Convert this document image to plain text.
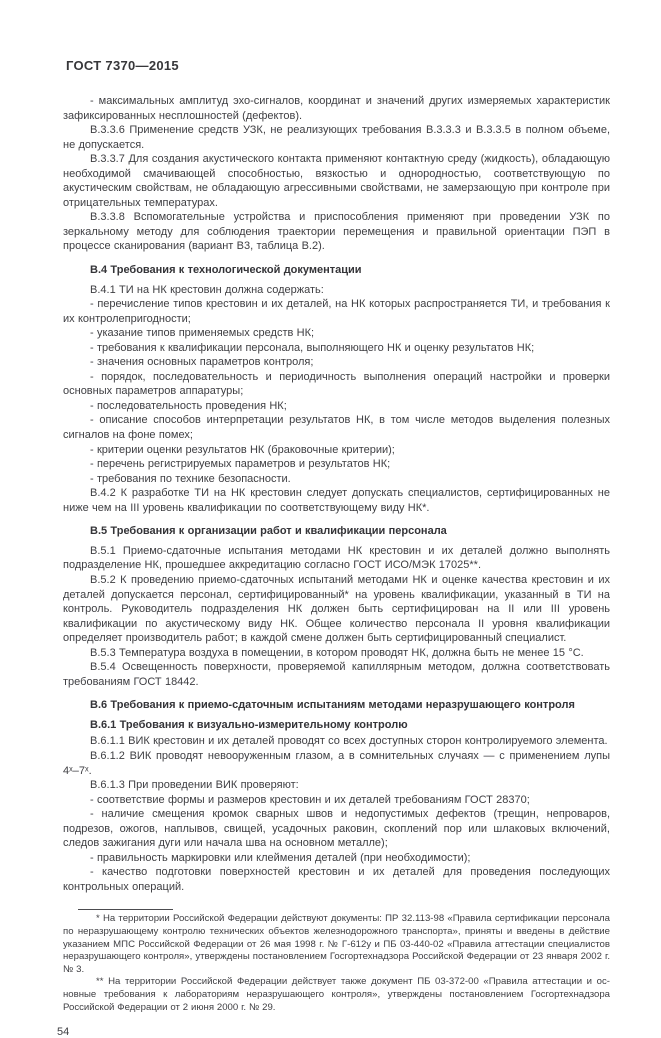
ГОСТ 7370—2015

- максимальных амплитуд эхо-сигналов, координат и значений других измеряемых характеристик зафиксированных несплошностей (дефектов).

В.3.3.6 Применение средств УЗК, не реализующих требования В.3.3.3 и В.3.3.5 в полном объеме, не допускается.

В.3.3.7 Для создания акустического контакта применяют контактную среду (жидкость), обладающую необходимой смачивающей способностью, вязкостью и однородностью, соответствующую по акустическим свойствам, не обладающую агрессивными свойствами, не замерзающую при контроле при отрицательных температурах.

В.3.3.8 Вспомогательные устройства и приспособления применяют при проведении УЗК по зеркальному методу для соблюдения траектории перемещения и правильной ориентации ПЭП в процессе сканирования (вариант В3, таблица В.2).

В.4 Требования к технологической документации

В.4.1 ТИ на НК крестовин должна содержать:

- перечисление типов крестовин и их деталей, на НК которых распространяется ТИ, и требования к их контролепригодности;

- указание типов применяемых средств НК;

- требования к квалификации персонала, выполняющего НК и оценку результатов НК;

- значения основных параметров контроля;

- порядок, последовательность и периодичность выполнения операций настройки и проверки основных параметров аппаратуры;

- последовательность проведения НК;

- описание способов интерпретации результатов НК, в том числе методов выделения полезных сигналов на фоне помех;

- критерии оценки результатов НК (браковочные критерии);

- перечень регистрируемых параметров и результатов НК;

- требования по технике безопасности.

В.4.2 К разработке ТИ на НК крестовин следует допускать специалистов, сертифицированных не ниже чем на III уровень квалификации по соответствующему виду НК*.

В.5 Требования к организации работ и квалификации персонала

В.5.1 Приемо-сдаточные испытания методами НК крестовин и их деталей должно выполнять подразделение НК, прошедшее аккредитацию согласно ГОСТ ИСО/МЭК 17025**.

В.5.2 К проведению приемо-сдаточных испытаний методами НК и оценке качества крестовин и их деталей допускается персонал, сертифицированный* на уровень квалификации, указанный в ТИ на контроль. Руководитель подразделения НК должен быть сертифицирован на II или III уровень квалификации по акустическому виду НК. Общее количество персонала II уровня квалификации определяет производитель работ; в каждой смене должен быть сертифицированный специалист.

В.5.3 Температура воздуха в помещении, в котором проводят НК, должна быть не менее 15 °С.

В.5.4 Освещенность поверхности, проверяемой капиллярным методом, должна соответствовать требованиям ГОСТ 18442.

В.6 Требования к приемо-сдаточным испытаниям методами неразрушающего контроля

В.6.1 Требования к визуально-измерительному контролю

В.6.1.1 ВИК крестовин и их деталей проводят со всех доступных сторон контролируемого элемента.

В.6.1.2 ВИК проводят невооруженным глазом, а в сомнительных случаях — с применением лупы 4ˣ–7ˣ.

В.6.1.3 При проведении ВИК проверяют:

- соответствие формы и размеров крестовин и их деталей требованиям ГОСТ 28370;

- наличие смещения кромок сварных швов и недопустимых дефектов (трещин, непроваров, подрезов, ожогов, наплывов, свищей, усадочных раковин, скоплений пор или шлаковых включений, следов зажигания дуги или начала шва на основном металле);

- правильность маркировки или клеймения деталей (при необходимости);

- качество подготовки поверхностей крестовин и их деталей для проведения последующих контрольных операций.

* На территории Российской Федерации действуют документы: ПР 32.113-98 «Правила сертификации персонала по неразрушающему контролю технических объектов железнодорожного транспорта», приняты и введены в действие указанием МПС Российской Федерации от 26 мая 1998 г. № Г-612у и ПБ 03-440-02 «Правила аттестации специалистов неразрушающего контроля», утверждены постановлением Госгортехнадзора Российской Федерации от 23 января 2002 г. № 3.

** На территории Российской Федерации действует также документ ПБ 03-372-00 «Правила аттестации и основные требования к лабораториям неразрушающего контроля», утверждены постановлением Госгортехнадзора Российской Федерации от 2 июня 2000 г. № 29.

54
